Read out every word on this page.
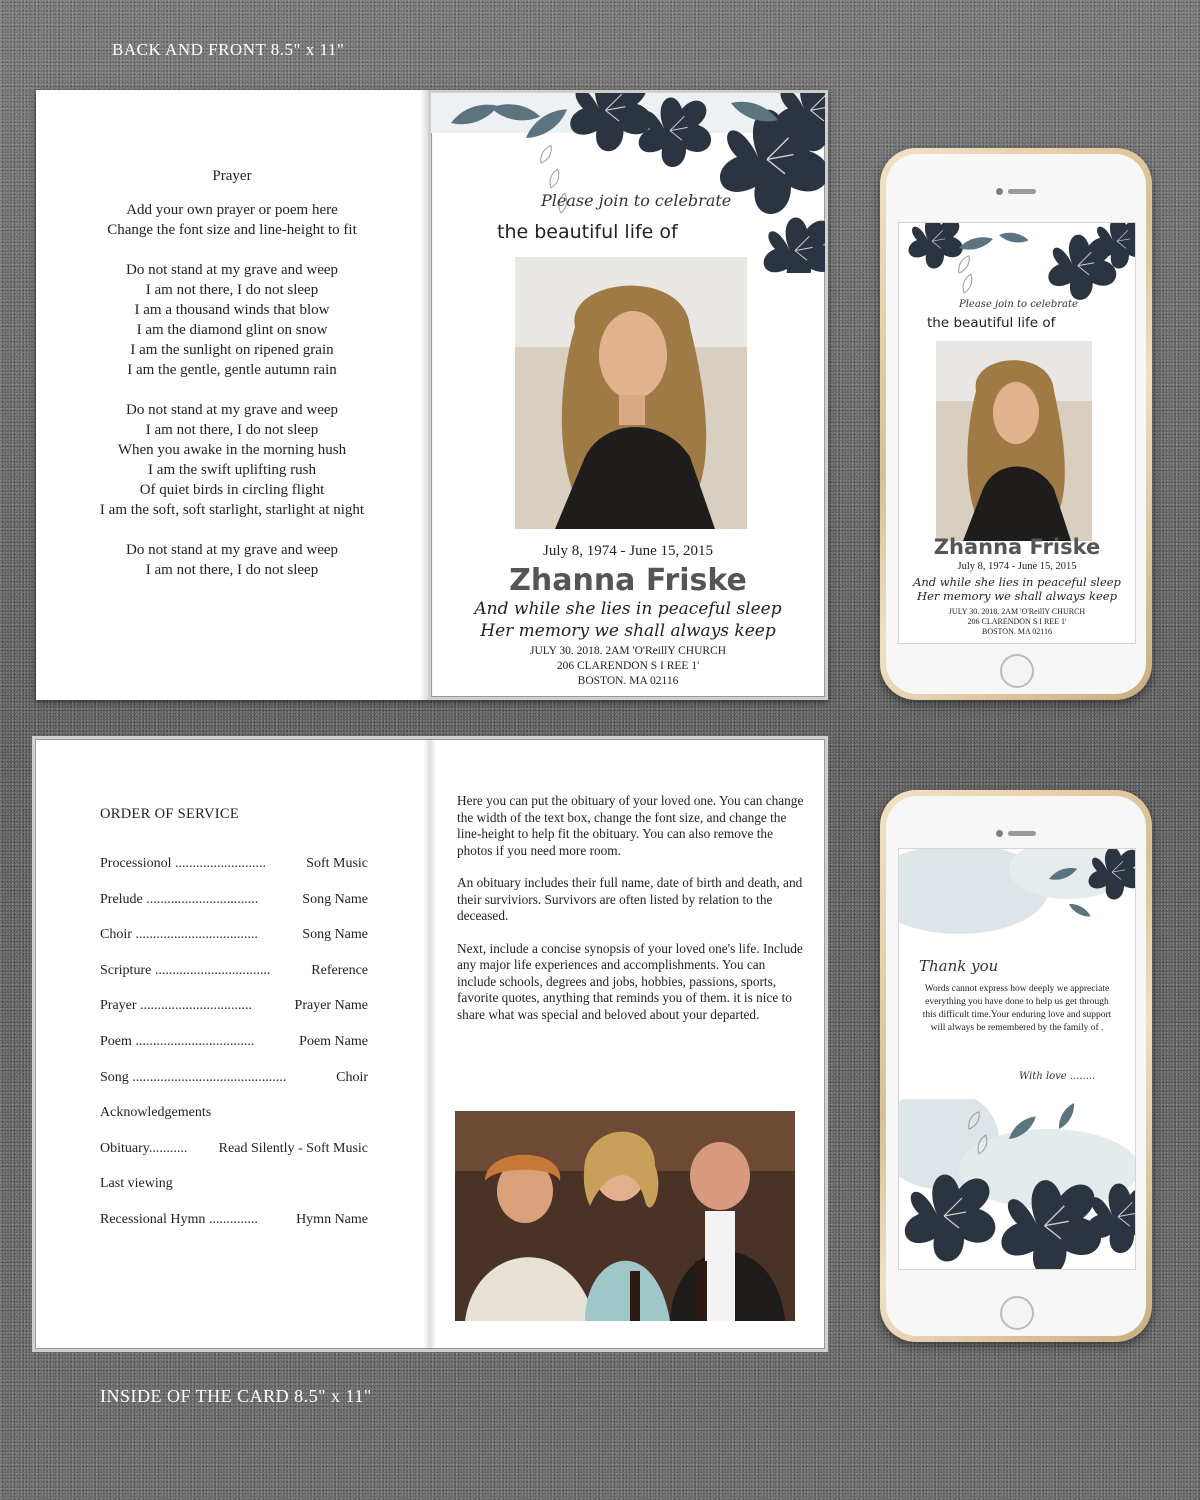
BACK AND FRONT 8.5" x 11"
Prayer

Add your own prayer or poem here
Change the font size and line-height to fit

Do not stand at my grave and weep
I am not there, I do not sleep
I am a thousand winds that blow
I am the diamond glint on snow
I am the sunlight on ripened grain
I am the gentle, gentle autumn rain

Do not stand at my grave and weep
I am not there, I do not sleep
When you awake in the morning hush
I am the swift uplifting rush
Of quiet birds in circling flight
I am the soft, soft starlight, starlight at night

Do not stand at my grave and weep
I am not there, I do not sleep

Please join to celebrate
the beautiful life of
July 8, 1974 - June 15, 2015
Zhanna Friske
And while she lies in peaceful sleep
Her memory we shall always keep
JULY 30. 2018. 2AM 'O'ReillY CHURCH
206 CLARENDON S I REE 1'
BOSTON. MA 02116
ORDER OF SERVICE
Processionol ..........................	Soft Music
Prelude ................................	Song Name
Choir ...................................	Song Name
Scripture .................................	Reference
Prayer ................................	Prayer Name
Poem ..................................	Poem Name
Song ............................................	Choir
Acknowledgements
Obituary........... Read Silently - Soft Music
Last viewing
Recessional Hymn ..............	Hymn Name

Here you can put the obituary of your loved one. You can change the width of the text box, change the font size, and change the line-height to help fit the obituary. You can also remove the photos if you need more room.

An obituary includes their full name, date of birth and death, and their surviviors. Survivors are often listed by relation to the deceased.

Next, include a concise synopsis of your loved one's life. Include any major life experiences and accomplishments. You can include schools, degrees and jobs, hobbies, passions, sports, favorite quotes, anything that reminds you of them. it is nice to share what was special and beloved about your departed.

INSIDE OF THE CARD 8.5" x 11"
Please join to celebrate
the beautiful life of
Zhanna Friske
July 8, 1974 - June 15, 2015
And while she lies in peaceful sleep
Her memory we shall always keep
JULY 30. 2018. 2AM 'O'ReillY CHURCH
206 CLARENDON S I REE 1'
BOSTON. MA 02116
Thank you
Words cannot express how deeply we appreciate everything you have done to help us get through this difficult time.Your enduring love and support will always be remembered by the family of .
With love ........
